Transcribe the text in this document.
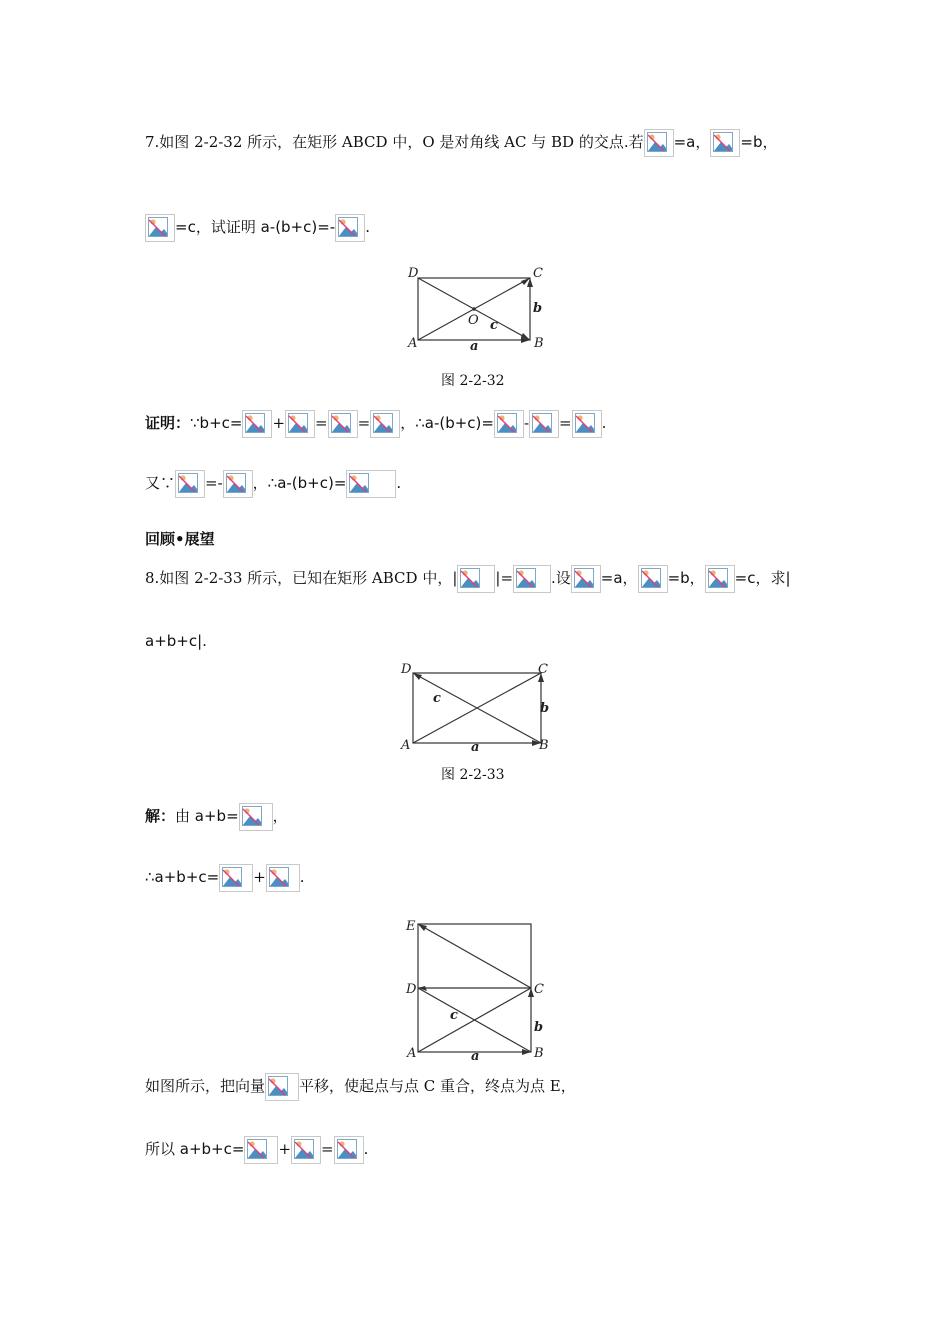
7.如图 2-2-32 所示，在矩形 ABCD 中，O 是对角线 AC 与 BD 的交点.若 =a， =b，
=c，试证明 a-(b+c)=- .
D	C
A	B
O
a
b
c
图 2-2-32
证明：∵b+c= + = = ，∴a-(b+c)= - = .
又∵ =- ，∴a-(b+c)=	.
回顾•展望
8.如图 2-2-33 所示，已知在矩形 ABCD 中，|	|=	.设 =a， =b， =c，求|
a+b+c|.
D	C
A	B
a
b
c
图 2-2-33
解：由 a+b= ，
∴a+b+c= + .
E
D	C
A	B
a
b
c
如图所示，把向量 平移，使起点与点 C 重合，终点为点 E，
所以 a+b+c= + = .
